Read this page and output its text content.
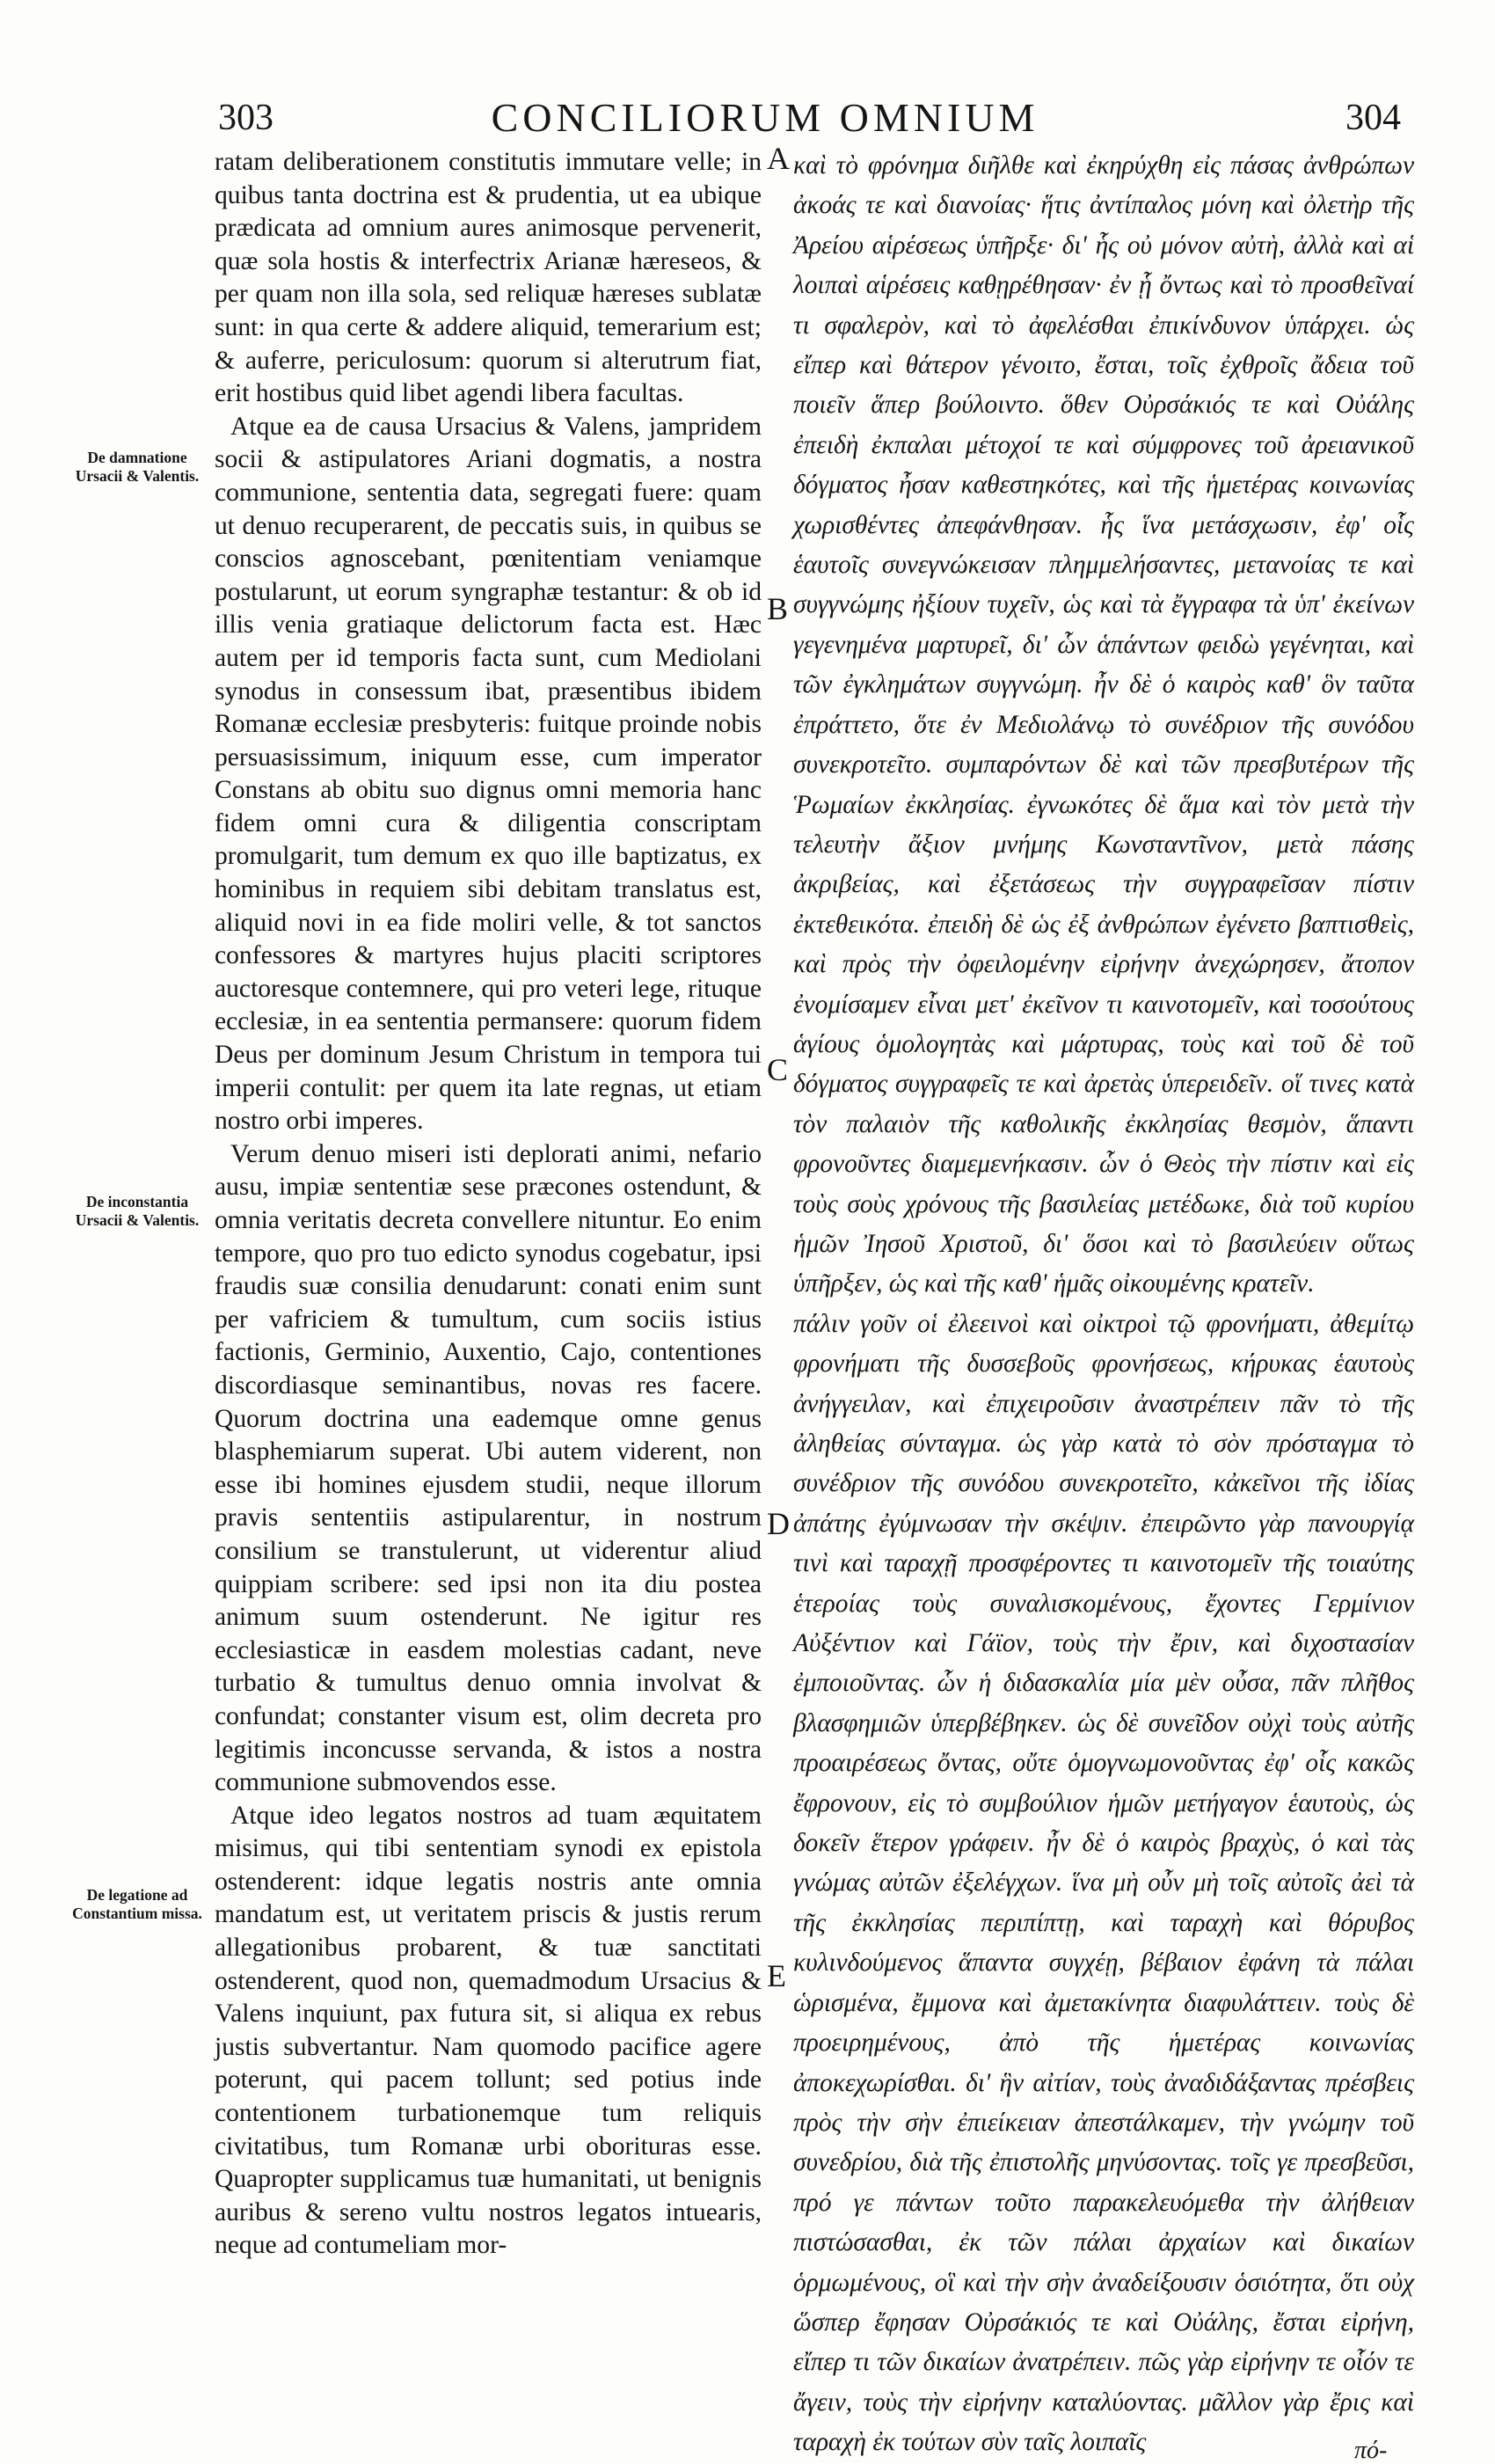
303	CONCILIORUM OMNIUM	304
De damnatione Ursacii & Valentis.
De inconstantia Ursacii & Valentis.
De legatione ad Constantium missa.

ratam deliberationem constitutis immutare velle; in quibus tanta doctrina est & prudentia, ut ea ubique prædicata ad omnium aures animosque pervenerit, quæ sola hostis & interfectrix Arianæ hæreseos, & per quam non illa sola, sed reliquæ hæreses sublatæ sunt: in qua certe & addere aliquid, temerarium est; & auferre, periculosum: quorum si alterutrum fiat, erit hostibus quid libet agendi libera facultas.

Atque ea de causa Ursacius & Valens, jampridem socii & astipulatores Ariani dogmatis, a nostra communione, sententia data, segregati fuere: quam ut denuo recuperarent, de peccatis suis, in quibus se conscios agnoscebant, pœnitentiam veniamque postularunt, ut eorum syngraphæ testantur: & ob id illis venia gratiaque delictorum facta est. Hæc autem per id temporis facta sunt, cum Mediolani synodus in consessum ibat, præsentibus ibidem Romanæ ecclesiæ presbyteris: fuitque proinde nobis persuasissimum, iniquum esse, cum imperator Constans ab obitu suo dignus omni memoria hanc fidem omni cura & diligentia conscriptam promulgarit, tum demum ex quo ille baptizatus, ex hominibus in requiem sibi debitam translatus est, aliquid novi in ea fide moliri velle, & tot sanctos confessores & martyres hujus placiti scriptores auctoresque contemnere, qui pro veteri lege, rituque ecclesiæ, in ea sententia permansere: quorum fidem Deus per dominum Jesum Christum in tempora tui imperii contulit: per quem ita late regnas, ut etiam nostro orbi imperes.

Verum denuo miseri isti deplorati animi, nefario ausu, impiæ sententiæ sese præcones ostendunt, & omnia veritatis decreta convellere nituntur. Eo enim tempore, quo pro tuo edicto synodus cogebatur, ipsi fraudis suæ consilia denudarunt: conati enim sunt per vafriciem & tumultum, cum sociis istius factionis, Germinio, Auxentio, Cajo, contentiones discordiasque seminantibus, novas res facere. Quorum doctrina una eademque omne genus blasphemiarum superat. Ubi autem viderent, non esse ibi homines ejusdem studii, neque illorum pravis sententiis astipularentur, in nostrum consilium se transtulerunt, ut viderentur aliud quippiam scribere: sed ipsi non ita diu postea animum suum ostenderunt. Ne igitur res ecclesiasticæ in easdem molestias cadant, neve turbatio & tumultus denuo omnia involvat & confundat; constanter visum est, olim decreta pro legitimis inconcusse servanda, & istos a nostra communione submovendos esse.

Atque ideo legatos nostros ad tuam æquitatem misimus, qui tibi sententiam synodi ex epistola ostenderent: idque legatis nostris ante omnia mandatum est, ut veritatem priscis & justis rerum allegationibus probarent, & tuæ sanctitati ostenderent, quod non, quemadmodum Ursacius & Valens inquiunt, pax futura sit, si aliqua ex rebus justis subvertantur. Nam quomodo pacifice agere poterunt, qui pacem tollunt; sed potius inde contentionem turbationemque tum reliquis civitatibus, tum Romanæ urbi oborituras esse. Quapropter supplicamus tuæ humanitati, ut benignis auribus & sereno vultu nostros legatos intuearis, neque ad contumeliam mor-

A
B
C
D
E

καὶ τὸ φρόνημα διῆλθε καὶ ἐκηρύχθη εἰς πάσας ἀνθρώπων ἀκοάς τε καὶ διανοίας· ἥτις ἀντίπαλος μόνη καὶ ὀλετὴρ τῆς Ἀρείου αἱρέσεως ὑπῆρξε· δι' ἧς οὐ μόνον αὐτὴ, ἀλλὰ καὶ αἱ λοιπαὶ αἱρέσεις καθῃρέθησαν· ἐν ᾗ ὄντως καὶ τὸ προσθεῖναί τι σφαλερὸν, καὶ τὸ ἀφελέσθαι ἐπικίνδυνον ὑπάρχει. ὡς εἴπερ καὶ θάτερον γένοιτο, ἔσται, τοῖς ἐχθροῖς ἄδεια τοῦ ποιεῖν ἅπερ βούλοιντο. ὅθεν Οὐρσάκιός τε καὶ Οὐάλης ἐπειδὴ ἐκπαλαι μέτοχοί τε καὶ σύμφρονες τοῦ ἀρειανικοῦ δόγματος ἦσαν καθεστηκότες, καὶ τῆς ἡμετέρας κοινωνίας χωρισθέντες ἀπεφάνθησαν. ἧς ἵνα μετάσχωσιν, ἐφ' οἷς ἑαυτοῖς συνεγνώκεισαν πλημμελήσαντες, μετανοίας τε καὶ συγγνώμης ἠξίουν τυχεῖν, ὡς καὶ τὰ ἔγγραφα τὰ ὑπ' ἐκείνων γεγενημένα μαρτυρεῖ, δι' ὧν ἁπάντων φειδὼ γεγένηται, καὶ τῶν ἐγκλημάτων συγγνώμη. ἦν δὲ ὁ καιρὸς καθ' ὃν ταῦτα ἐπράττετο, ὅτε ἐν Μεδιολάνῳ τὸ συνέδριον τῆς συνόδου συνεκροτεῖτο. συμπαρόντων δὲ καὶ τῶν πρεσβυτέρων τῆς Ῥωμαίων ἐκκλησίας. ἐγνωκότες δὲ ἅμα καὶ τὸν μετὰ τὴν τελευτὴν ἄξιον μνήμης Κωνσταντῖνον, μετὰ πάσης ἀκριβείας, καὶ ἐξετάσεως τὴν συγγραφεῖσαν πίστιν ἐκτεθεικότα. ἐπειδὴ δὲ ὡς ἐξ ἀνθρώπων ἐγένετο βαπτισθεὶς, καὶ πρὸς τὴν ὀφειλομένην εἰρήνην ἀνεχώρησεν, ἄτοπον ἐνομίσαμεν εἶναι μετ' ἐκεῖνον τι καινοτομεῖν, καὶ τοσούτους ἁγίους ὁμολογητὰς καὶ μάρτυρας, τοὺς καὶ τοῦ δὲ τοῦ δόγματος συγγραφεῖς τε καὶ ἀρετὰς ὑπερειδεῖν. οἵ τινες κατὰ τὸν παλαιὸν τῆς καθολικῆς ἐκκλησίας θεσμὸν, ἅπαντι φρονοῦντες διαμεμενήκασιν. ὧν ὁ Θεὸς τὴν πίστιν καὶ εἰς τοὺς σοὺς χρόνους τῆς βασιλείας μετέδωκε, διὰ τοῦ κυρίου ἡμῶν Ἰησοῦ Χριστοῦ, δι' ὅσοι καὶ τὸ βασιλεύειν οὕτως ὑπῆρξεν, ὡς καὶ τῆς καθ' ἡμᾶς οἰκουμένης κρατεῖν.

πάλιν γοῦν οἱ ἐλεεινοὶ καὶ οἰκτροὶ τῷ φρονήματι, ἀθεμίτῳ φρονήματι τῆς δυσσεβοῦς φρονήσεως, κήρυκας ἑαυτοὺς ἀνήγγειλαν, καὶ ἐπιχειροῦσιν ἀναστρέπειν πᾶν τὸ τῆς ἀληθείας σύνταγμα. ὡς γὰρ κατὰ τὸ σὸν πρόσταγμα τὸ συνέδριον τῆς συνόδου συνεκροτεῖτο, κἀκεῖνοι τῆς ἰδίας ἀπάτης ἐγύμνωσαν τὴν σκέψιν. ἐπειρῶντο γὰρ πανουργίᾳ τινὶ καὶ ταραχῇ προσφέροντες τι καινοτομεῖν τῆς τοιαύτης ἑτεροίας τοὺς συναλισκομένους, ἔχοντες Γερμίνιον Αὐξέντιον καὶ Γάϊον, τοὺς τὴν ἔριν, καὶ διχοστασίαν ἐμποιοῦντας. ὧν ἡ διδασκαλία μία μὲν οὖσα, πᾶν πλῆθος βλασφημιῶν ὑπερβέβηκεν. ὡς δὲ συνεῖδον οὐχὶ τοὺς αὐτῆς προαιρέσεως ὄντας, οὔτε ὁμογνωμονοῦντας ἐφ' οἷς κακῶς ἔφρονουν, εἰς τὸ συμβούλιον ἡμῶν μετήγαγον ἑαυτοὺς, ὡς δοκεῖν ἕτερον γράφειν. ἦν δὲ ὁ καιρὸς βραχὺς, ὁ καὶ τὰς γνώμας αὐτῶν ἐξελέγχων. ἵνα μὴ οὖν μὴ τοῖς αὐτοῖς ἀεὶ τὰ τῆς ἐκκλησίας περιπίπτῃ, καὶ ταραχὴ καὶ θόρυβος κυλινδούμενος ἅπαντα συγχέῃ, βέβαιον ἐφάνη τὰ πάλαι ὡρισμένα, ἔμμονα καὶ ἀμετακίνητα διαφυλάττειν. τοὺς δὲ προειρημένους, ἀπὸ τῆς ἡμετέρας κοινωνίας ἀποκεχωρίσθαι. δι' ἣν αἰτίαν, τοὺς ἀναδιδάξαντας πρέσβεις πρὸς τὴν σὴν ἐπιείκειαν ἀπεστάλκαμεν, τὴν γνώμην τοῦ συνεδρίου, διὰ τῆς ἐπιστολῆς μηνύσοντας. τοῖς γε πρεσβεῦσι, πρό γε πάντων τοῦτο παρακελευόμεθα τὴν ἀλήθειαν πιστώσασθαι, ἐκ τῶν πάλαι ἀρχαίων καὶ δικαίων ὁρμωμένους, οἳ καὶ τὴν σὴν ἀναδείξουσιν ὁσιότητα, ὅτι οὐχ ὥσπερ ἔφησαν Οὐρσάκιός τε καὶ Οὐάλης, ἔσται εἰρήνη, εἴπερ τι τῶν δικαίων ἀνατρέπειν. πῶς γὰρ εἰρήνην τε οἷόν τε ἄγειν, τοὺς τὴν εἰρήνην καταλύοντας. μᾶλλον γὰρ ἔρις καὶ ταραχὴ ἐκ τούτων σὺν ταῖς λοιπαῖς	πό-
